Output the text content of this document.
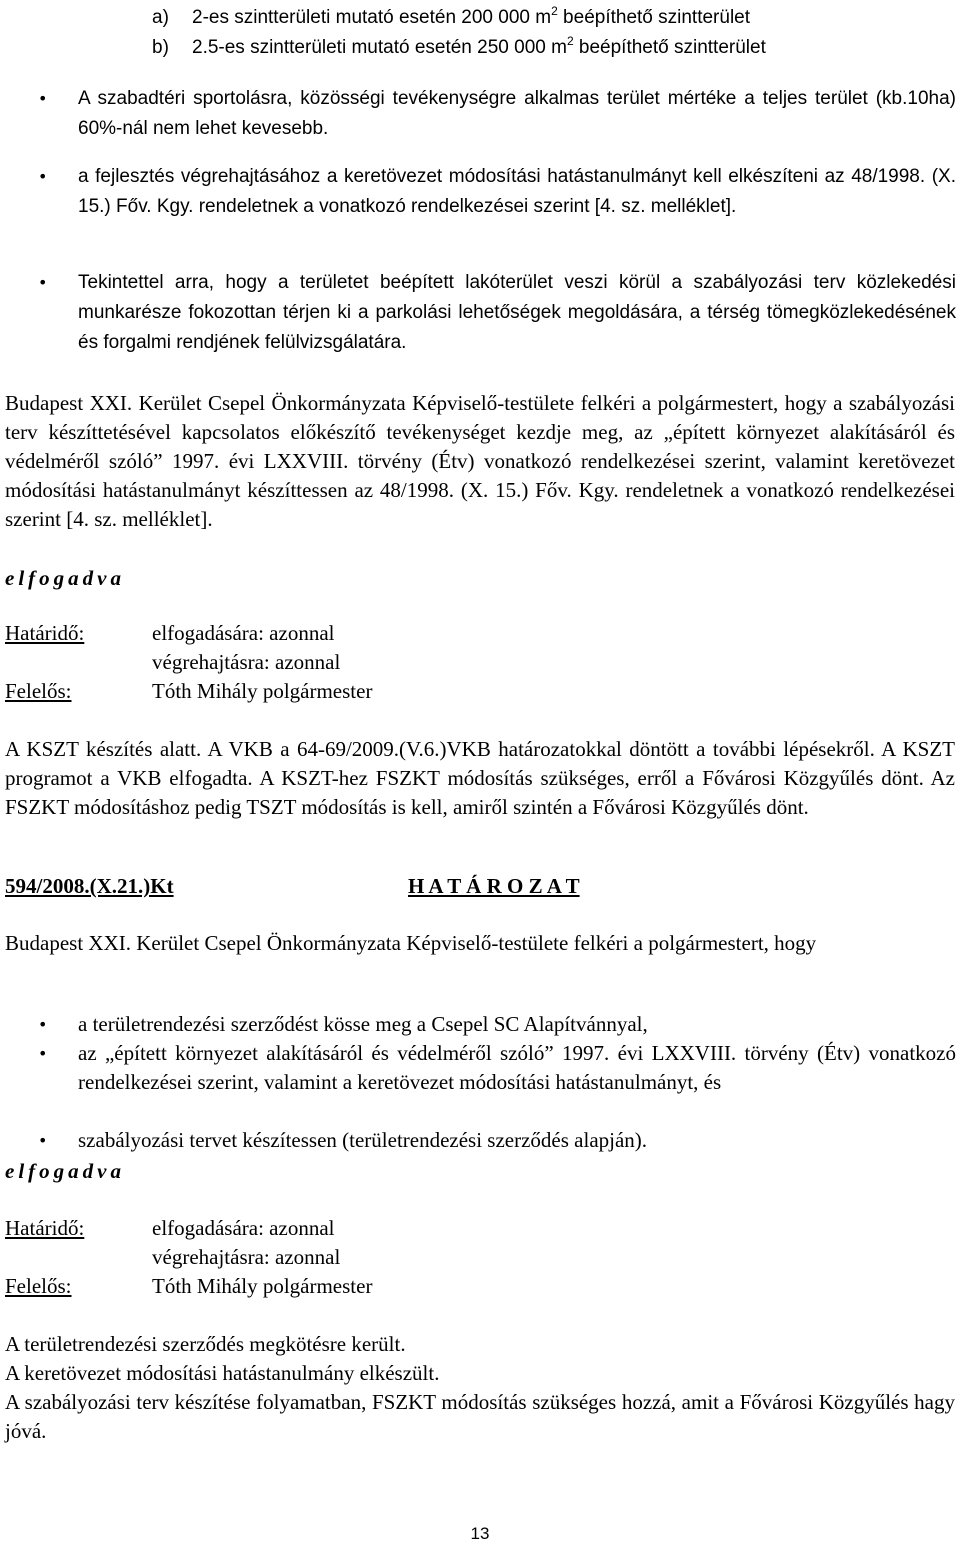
a) 2-es szintterületi mutató esetén 200 000 $m^2$ beépíthető szintterület
b) 2.5-es szintterületi mutató esetén 250 000 $m^2$ beépíthető szintterület
• A szabadtéri sportolásra, közösségi tevékenységre alkalmas terület mértéke a teljes terület (kb.10ha) 60%-nál nem lehet kevesebb.
• a fejlesztés végrehajtásához a keretövezet módosítási hatástanulmányt kell elkészíteni az 48/1998. (X. 15.) Főv. Kgy. rendeletnek a vonatkozó rendelkezései szerint [4. sz. melléklet].
• Tekintettel arra, hogy a területet beépített lakóterület veszi körül a szabályozási terv közlekedési munkarésze fokozottan térjen ki a parkolási lehetőségek megoldására, a térség tömegközlekedésének és forgalmi rendjének felülvizsgálatára.
Budapest XXI. Kerület Csepel Önkormányzata Képviselő-testülete felkéri a polgármestert, hogy a szabályozási terv készíttetésével kapcsolatos előkészítő tevékenységet kezdje meg, az „épített környezet alakításáról és védelméről szóló” 1997. évi LXXVIII. törvény (Étv) vonatkozó rendelkezései szerint, valamint keretövezet módosítási hatástanulmányt készíttessen az 48/1998. (X. 15.) Főv. Kgy. rendeletnek a vonatkozó rendelkezései szerint [4. sz. melléklet].
elfogadva
Határidő:	elfogadására: azonnal
végrehajtásra: azonnal
Felelős:	Tóth Mihály polgármester
A KSZT készítés alatt. A VKB a 64-69/2009.(V.6.)VKB határozatokkal döntött a további lépésekről. A KSZT programot a VKB elfogadta. A KSZT-hez FSZKT módosítás szükséges, erről a Fővárosi Közgyűlés dönt. Az FSZKT módosításhoz pedig TSZT módosítás is kell, amiről szintén a Fővárosi Közgyűlés dönt.
594/2008.(X.21.)Kt	H A T Á R O Z A T
Budapest XXI. Kerület Csepel Önkormányzata Képviselő-testülete felkéri a polgármestert, hogy
• a területrendezési szerződést kösse meg a Csepel SC Alapítvánnyal,
• az „épített környezet alakításáról és védelméről szóló” 1997. évi LXXVIII. törvény (Étv) vonatkozó rendelkezései szerint, valamint a keretövezet módosítási hatástanulmányt, és
• szabályozási tervet készítessen (területrendezési szerződés alapján).
elfogadva
Határidő:	elfogadására: azonnal
végrehajtásra: azonnal
Felelős:	Tóth Mihály polgármester
A területrendezési szerződés megkötésre került.
A keretövezet módosítási hatástanulmány elkészült.
A szabályozási terv készítése folyamatban, FSZKT módosítás szükséges hozzá, amit a Fővárosi Közgyűlés hagy jóvá.
13
